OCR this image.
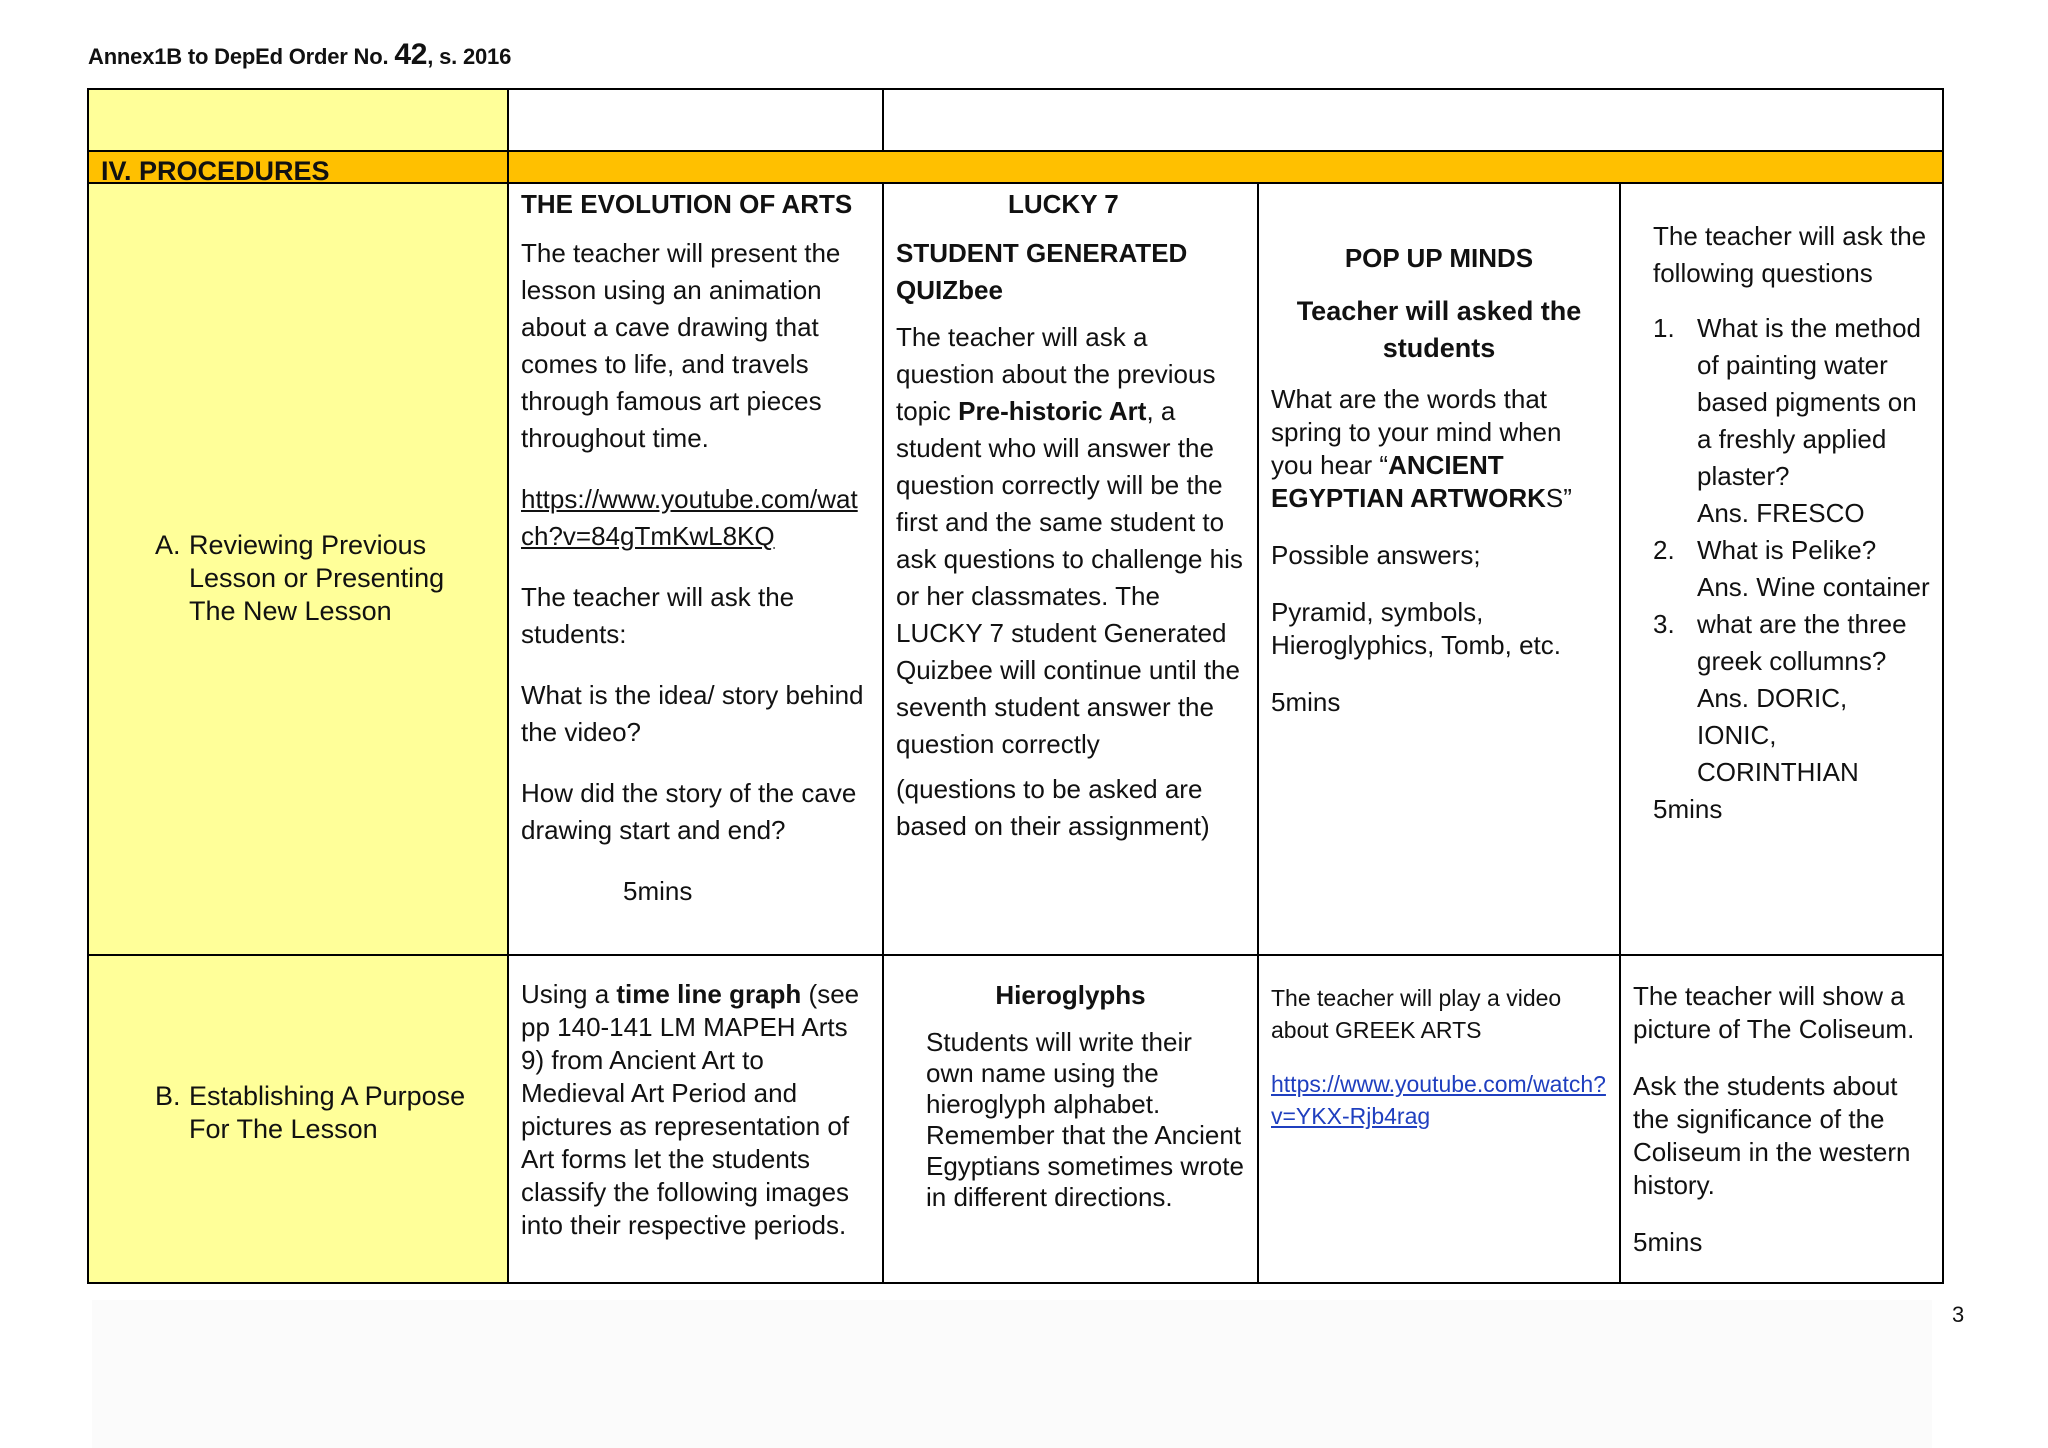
Annex1B to DepEd Order No. 42, s. 2016
IV. PROCEDURES
A. Reviewing Previous Lesson or Presenting The New Lesson

THE EVOLUTION OF ARTS

The teacher will present the lesson using an animation about a cave drawing that comes to life, and travels through famous art pieces throughout time.

https://www.youtube.com/watch?v=84gTmKwL8KQ

The teacher will ask the students:

What is the idea/ story behind the video?

How did the story of the cave drawing start and end?

5mins

LUCKY 7

STUDENT GENERATED QUIZbee

The teacher will ask a question about the previous topic Pre-historic Art, a student who will answer the question correctly will be the first and the same student to ask questions to challenge his or her classmates. The LUCKY 7 student Generated Quizbee will continue until the seventh student answer the question correctly

(questions to be asked are based on their assignment)

POP UP MINDS

Teacher will asked the students

What are the words that spring to your mind when you hear “ANCIENT EGYPTIAN ARTWORKS”

Possible answers;

Pyramid, symbols, Hieroglyphics, Tomb, etc.

5mins

The teacher will ask the following questions

1. What is the method of painting water based pigments on a freshly applied plaster?
Ans. FRESCO
2. What is Pelike?
Ans. Wine container
3. what are the three greek collumns?
Ans. DORIC, IONIC, CORINTHIAN

5mins

B. Establishing A Purpose For The Lesson

Using a time line graph (see pp 140-141 LM MAPEH Arts 9) from Ancient Art to Medieval Art Period and pictures as representation of Art forms let the students classify the following images into their respective periods.

Hieroglyphs

Students will write their own name using the hieroglyph alphabet. Remember that the Ancient Egyptians sometimes wrote in different directions.

The teacher will play a video about GREEK ARTS

https://www.youtube.com/watch?v=YKX-Rjb4rag

The teacher will show a picture of The Coliseum.

Ask the students about the significance of the Coliseum in the western history.

5mins

3
